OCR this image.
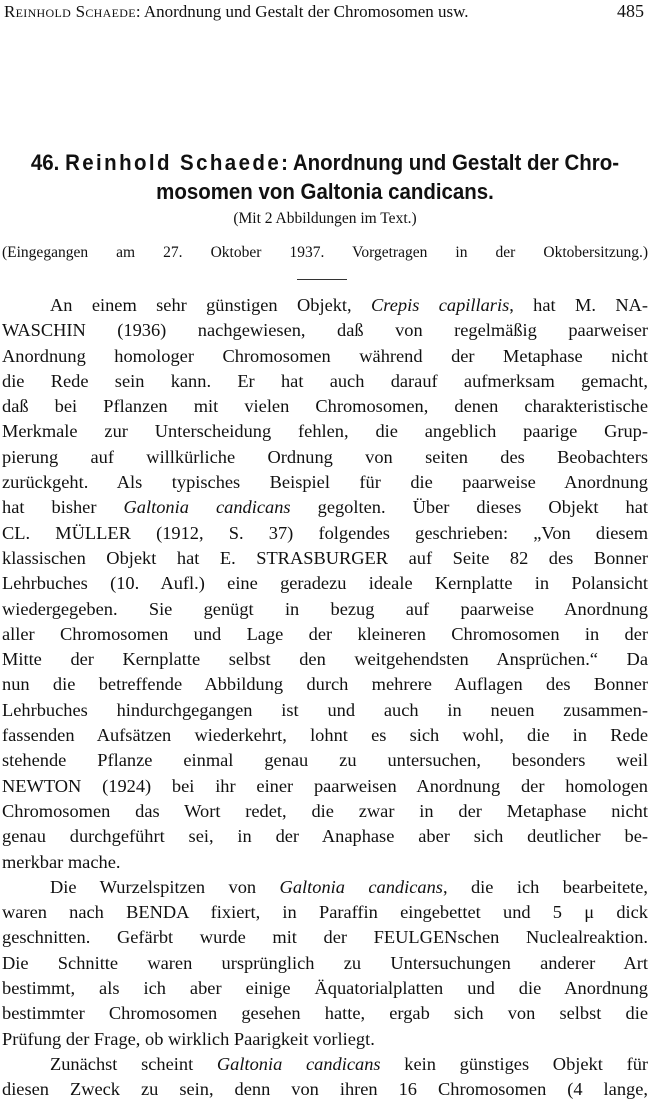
Reinhold Schaede: Anordnung und Gestalt der Chromosomen usw.	485
46. Reinhold Schaede: Anordnung und Gestalt der Chro-
mosomen von Galtonia candicans.
(Mit 2 Abbildungen im Text.)
(Eingegangen am 27. Oktober 1937. Vorgetragen in der Oktobersitzung.)
An einem sehr günstigen Objekt, Crepis capillaris, hat M. NA-
WASCHIN (1936) nachgewiesen, daß von regelmäßig paarweiser
Anordnung homologer Chromosomen während der Metaphase nicht
die Rede sein kann. Er hat auch darauf aufmerksam gemacht,
daß bei Pflanzen mit vielen Chromosomen, denen charakteristische
Merkmale zur Unterscheidung fehlen, die angeblich paarige Grup-
pierung auf willkürliche Ordnung von seiten des Beobachters
zurückgeht. Als typisches Beispiel für die paarweise Anordnung
hat bisher Galtonia candicans gegolten. Über dieses Objekt hat
CL. MÜLLER (1912, S. 37) folgendes geschrieben: „Von diesem
klassischen Objekt hat E. STRASBURGER auf Seite 82 des Bonner
Lehrbuches (10. Aufl.) eine geradezu ideale Kernplatte in Polansicht
wiedergegeben. Sie genügt in bezug auf paarweise Anordnung
aller Chromosomen und Lage der kleineren Chromosomen in der
Mitte der Kernplatte selbst den weitgehendsten Ansprüchen.“ Da
nun die betreffende Abbildung durch mehrere Auflagen des Bonner
Lehrbuches hindurchgegangen ist und auch in neuen zusammen-
fassenden Aufsätzen wiederkehrt, lohnt es sich wohl, die in Rede
stehende Pflanze einmal genau zu untersuchen, besonders weil
NEWTON (1924) bei ihr einer paarweisen Anordnung der homologen
Chromosomen das Wort redet, die zwar in der Metaphase nicht
genau durchgeführt sei, in der Anaphase aber sich deutlicher be-
merkbar mache.
Die Wurzelspitzen von Galtonia candicans, die ich bearbeitete,
waren nach BENDA fixiert, in Paraffin eingebettet und 5 μ dick
geschnitten. Gefärbt wurde mit der FEULGENschen Nuclealreaktion.
Die Schnitte waren ursprünglich zu Untersuchungen anderer Art
bestimmt, als ich aber einige Äquatorialplatten und die Anordnung
bestimmter Chromosomen gesehen hatte, ergab sich von selbst die
Prüfung der Frage, ob wirklich Paarigkeit vorliegt.
Zunächst scheint Galtonia candicans kein günstiges Objekt für
diesen Zweck zu sein, denn von ihren 16 Chromosomen (4 lange,
